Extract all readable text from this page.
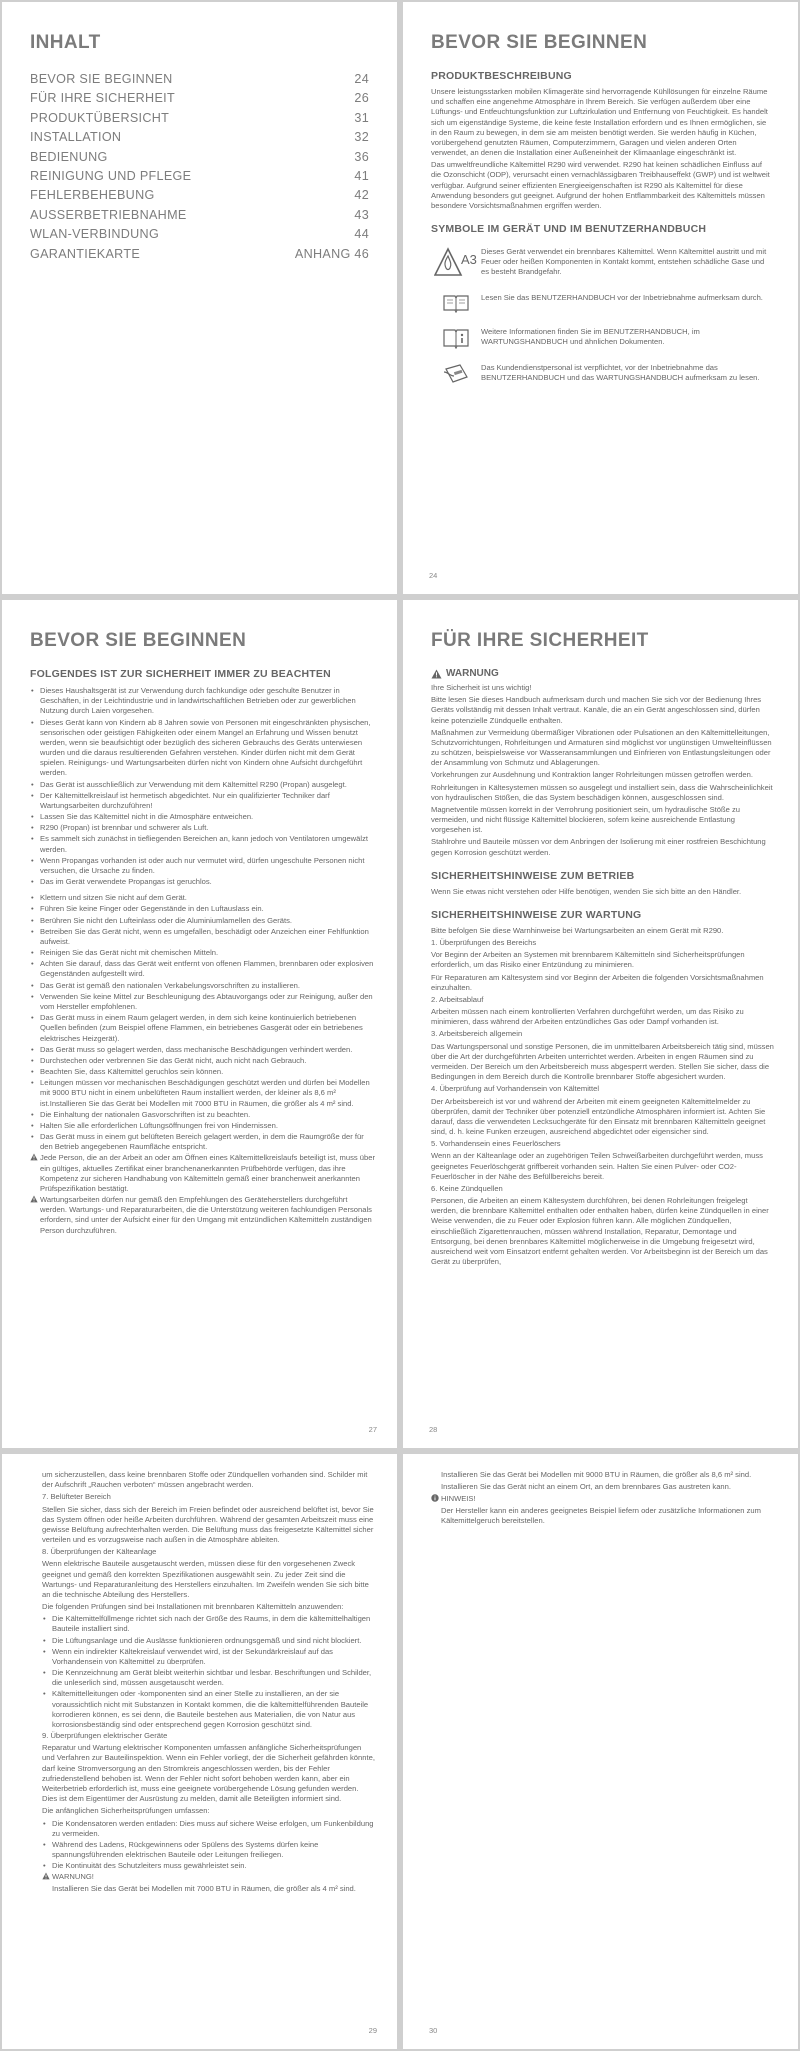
INHALT
BEVOR SIE BEGINNEN	24
FÜR IHRE SICHERHEIT	26
PRODUKTÜBERSICHT	31
INSTALLATION	32
BEDIENUNG	36
REINIGUNG UND PFLEGE	41
FEHLERBEHEBUNG	42
AUSSERBETRIEBNAHME	43
WLAN-VERBINDUNG	44
GARANTIEKARTE	ANHANG 46
BEVOR SIE BEGINNEN
PRODUKTBESCHREIBUNG

Unsere leistungsstarken mobilen Klimageräte sind hervorragende Kühllösungen für einzelne Räume und schaffen eine angenehme Atmosphäre in Ihrem Bereich. Sie verfügen außerdem über eine Lüftungs- und Entfeuchtungsfunktion zur Luftzirkulation und Entfernung von Feuchtigkeit. Es handelt sich um eigenständige Systeme, die keine feste Installation erfordern und es Ihnen ermöglichen, sie in den Raum zu bewegen, in dem sie am meisten benötigt werden. Sie werden häufig in Küchen, vorübergehend genutzten Räumen, Computerzimmern, Garagen und vielen anderen Orten verwendet, an denen die Installation einer Außeneinheit der Klimaanlage eingeschränkt ist.

Das umweltfreundliche Kältemittel R290 wird verwendet. R290 hat keinen schädlichen Einfluss auf die Ozonschicht (ODP), verursacht einen vernachlässigbaren Treibhauseffekt (GWP) und ist weltweit verfügbar. Aufgrund seiner effizienten Energieeigenschaften ist R290 als Kältemittel für diese Anwendung besonders gut geeignet. Aufgrund der hohen Entflammbarkeit des Kältemittels müssen besondere Vorsichtsmaßnahmen ergriffen werden.

SYMBOLE IM GERÄT UND IM BENUTZERHANDBUCH
A3
Dieses Gerät verwendet ein brennbares Kältemittel. Wenn Kältemittel austritt und mit Feuer oder heißen Komponenten in Kontakt kommt, entstehen schädliche Gase und es besteht Brandgefahr.
Lesen Sie das BENUTZERHANDBUCH vor der Inbetriebnahme aufmerksam durch.
Weitere Informationen finden Sie im BENUTZERHANDBUCH, im WARTUNGSHANDBUCH und ähnlichen Dokumenten.
Das Kundendienstpersonal ist verpflichtet, vor der Inbetriebnahme das BENUTZERHANDBUCH und das WARTUNGSHANDBUCH aufmerksam zu lesen.
24
BEVOR SIE BEGINNEN
FOLGENDES IST ZUR SICHERHEIT IMMER ZU BEACHTEN
• Dieses Haushaltsgerät ist zur Verwendung durch fachkundige oder geschulte Benutzer in Geschäften, in der Leichtindustrie und in landwirtschaftlichen Betrieben oder zur gewerblichen Nutzung durch Laien vorgesehen.
• Dieses Gerät kann von Kindern ab 8 Jahren sowie von Personen mit eingeschränkten physischen, sensorischen oder geistigen Fähigkeiten oder einem Mangel an Erfahrung und Wissen benutzt werden, wenn sie beaufsichtigt oder bezüglich des sicheren Gebrauchs des Geräts unterwiesen wurden und die daraus resultierenden Gefahren verstehen. Kinder dürfen nicht mit dem Gerät spielen. Reinigungs- und Wartungsarbeiten dürfen nicht von Kindern ohne Aufsicht durchgeführt werden.
• Das Gerät ist ausschließlich zur Verwendung mit dem Kältemittel R290 (Propan) ausgelegt.
• Der Kältemittelkreislauf ist hermetisch abgedichtet. Nur ein qualifizierter Techniker darf Wartungsarbeiten durchzuführen!
• Lassen Sie das Kältemittel nicht in die Atmosphäre entweichen.
• R290 (Propan) ist brennbar und schwerer als Luft.
• Es sammelt sich zunächst in tiefliegenden Bereichen an, kann jedoch von Ventilatoren umgewälzt werden.
• Wenn Propangas vorhanden ist oder auch nur vermutet wird, dürfen ungeschulte Personen nicht versuchen, die Ursache zu finden.
• Das im Gerät verwendete Propangas ist geruchlos.
• Klettern und sitzen Sie nicht auf dem Gerät.
• Führen Sie keine Finger oder Gegenstände in den Luftauslass ein.
• Berühren Sie nicht den Lufteinlass oder die Aluminiumlamellen des Geräts.
• Betreiben Sie das Gerät nicht, wenn es umgefallen, beschädigt oder Anzeichen einer Fehlfunktion aufweist.
• Reinigen Sie das Gerät nicht mit chemischen Mitteln.
• Achten Sie darauf, dass das Gerät weit entfernt von offenen Flammen, brennbaren oder explosiven Gegenständen aufgestellt wird.
• Das Gerät ist gemäß den nationalen Verkabelungsvorschriften zu installieren.
• Verwenden Sie keine Mittel zur Beschleunigung des Abtauvorgangs oder zur Reinigung, außer den vom Hersteller empfohlenen.
• Das Gerät muss in einem Raum gelagert werden, in dem sich keine kontinuierlich betriebenen Quellen befinden (zum Beispiel offene Flammen, ein betriebenes Gasgerät oder ein betriebenes elektrisches Heizgerät).
• Das Gerät muss so gelagert werden, dass mechanische Beschädigungen verhindert werden.
• Durchstechen oder verbrennen Sie das Gerät nicht, auch nicht nach Gebrauch.
• Beachten Sie, dass Kältemittel geruchlos sein können.
• Leitungen müssen vor mechanischen Beschädigungen geschützt werden und dürfen bei Modellen mit 9000 BTU nicht in einem unbelüfteten Raum installiert werden, der kleiner als 8,6 m² ist.Installieren Sie das Gerät bei Modellen mit 7000 BTU in Räumen, die größer als 4 m² sind.
• Die Einhaltung der nationalen Gasvorschriften ist zu beachten.
• Halten Sie alle erforderlichen Lüftungsöffnungen frei von Hindernissen.
• Das Gerät muss in einem gut belüfteten Bereich gelagert werden, in dem die Raumgröße der für den Betrieb angegebenen Raumfläche entspricht.
Jede Person, die an der Arbeit an oder am Öffnen eines Kältemittelkreislaufs beteiligt ist, muss über ein gültiges, aktuelles Zertifikat einer branchenanerkannten Prüfbehörde verfügen, das ihre Kompetenz zur sicheren Handhabung von Kältemitteln gemäß einer branchenweit anerkannten Prüfspezifikation bestätigt.
Wartungsarbeiten dürfen nur gemäß den Empfehlungen des Geräteherstellers durchgeführt werden. Wartungs- und Reparaturarbeiten, die die Unterstützung weiteren fachkundigen Personals erfordern, sind unter der Aufsicht einer für den Umgang mit entzündlichen Kältemitteln zuständigen Person durchzuführen.
27
FÜR IHRE SICHERHEIT
WARNUNG

Ihre Sicherheit ist uns wichtig!

Bitte lesen Sie dieses Handbuch aufmerksam durch und machen Sie sich vor der Bedienung Ihres Geräts vollständig mit dessen Inhalt vertraut. Kanäle, die an ein Gerät angeschlossen sind, dürfen keine potenzielle Zündquelle enthalten.

Maßnahmen zur Vermeidung übermäßiger Vibrationen oder Pulsationen an den Kältemittelleitungen, Schutzvorrichtungen, Rohrleitungen und Armaturen sind möglichst vor ungünstigen Umwelteinflüssen zu schützen, beispielsweise vor Wasseransammlungen und Einfrieren von Entlastungsleitungen oder der Ansammlung von Schmutz und Ablagerungen.

Vorkehrungen zur Ausdehnung und Kontraktion langer Rohrleitungen müssen getroffen werden.

Rohrleitungen in Kältesystemen müssen so ausgelegt und installiert sein, dass die Wahrscheinlichkeit von hydraulischen Stößen, die das System beschädigen können, ausgeschlossen sind.

Magnetventile müssen korrekt in der Verrohrung positioniert sein, um hydraulische Stöße zu vermeiden, und nicht flüssige Kältemittel blockieren, sofern keine ausreichende Entlastung vorgesehen ist.

Stahlrohre und Bauteile müssen vor dem Anbringen der Isolierung mit einer rostfreien Beschichtung gegen Korrosion geschützt werden.

SICHERHEITSHINWEISE ZUM BETRIEB

Wenn Sie etwas nicht verstehen oder Hilfe benötigen, wenden Sie sich bitte an den Händler.

SICHERHEITSHINWEISE ZUR WARTUNG

Bitte befolgen Sie diese Warnhinweise bei Wartungsarbeiten an einem Gerät mit R290.

1. Überprüfungen des Bereichs

Vor Beginn der Arbeiten an Systemen mit brennbarem Kältemitteln sind Sicherheitsprüfungen erforderlich, um das Risiko einer Entzündung zu minimieren.

Für Reparaturen am Kältesystem sind vor Beginn der Arbeiten die folgenden Vorsichtsmaßnahmen einzuhalten.

2. Arbeitsablauf

Arbeiten müssen nach einem kontrollierten Verfahren durchgeführt werden, um das Risiko zu minimieren, dass während der Arbeiten entzündliches Gas oder Dampf vorhanden ist.

3. Arbeitsbereich allgemein

Das Wartungspersonal und sonstige Personen, die im unmittelbaren Arbeitsbereich tätig sind, müssen über die Art der durchgeführten Arbeiten unterrichtet werden. Arbeiten in engen Räumen sind zu vermeiden. Der Bereich um den Arbeitsbereich muss abgesperrt werden. Stellen Sie sicher, dass die Bedingungen in dem Bereich durch die Kontrolle brennbarer Stoffe abgesichert wurden.

4. Überprüfung auf Vorhandensein von Kältemittel

Der Arbeitsbereich ist vor und während der Arbeiten mit einem geeigneten Kältemittelmelder zu überprüfen, damit der Techniker über potenziell entzündliche Atmosphären informiert ist. Achten Sie darauf, dass die verwendeten Lecksuchgeräte für den Einsatz mit brennbaren Kältemitteln geeignet sind, d. h. keine Funken erzeugen, ausreichend abgedichtet oder eigensicher sind.

5. Vorhandensein eines Feuerlöschers

Wenn an der Kälteanlage oder an zugehörigen Teilen Schweißarbeiten durchgeführt werden, muss geeignetes Feuerlöschgerät griffbereit vorhanden sein. Halten Sie einen Pulver- oder CO2-Feuerlöscher in der Nähe des Befüllbereichs bereit.

6. Keine Zündquellen

Personen, die Arbeiten an einem Kältesystem durchführen, bei denen Rohrleitungen freigelegt werden, die brennbare Kältemittel enthalten oder enthalten haben, dürfen keine Zündquellen in einer Weise verwenden, die zu Feuer oder Explosion führen kann. Alle möglichen Zündquellen, einschließlich Zigarettenrauchen, müssen während Installation, Reparatur, Demontage und Entsorgung, bei denen brennbares Kältemittel möglicherweise in die Umgebung freigesetzt wird, ausreichend weit vom Einsatzort entfernt gehalten werden. Vor Arbeitsbeginn ist der Bereich um das Gerät zu überprüfen,

28

um sicherzustellen, dass keine brennbaren Stoffe oder Zündquellen vorhanden sind. Schilder mit der Aufschrift „Rauchen verboten“ müssen angebracht werden.

7. Belüfteter Bereich

Stellen Sie sicher, dass sich der Bereich im Freien befindet oder ausreichend belüftet ist, bevor Sie das System öffnen oder heiße Arbeiten durchführen. Während der gesamten Arbeitszeit muss eine gewisse Belüftung aufrechterhalten werden. Die Belüftung muss das freigesetzte Kältemittel sicher verteilen und es vorzugsweise nach außen in die Atmosphäre ableiten.

8. Überprüfungen der Kälteanlage

Wenn elektrische Bauteile ausgetauscht werden, müssen diese für den vorgesehenen Zweck geeignet und gemäß den korrekten Spezifikationen ausgewählt sein. Zu jeder Zeit sind die Wartungs- und Reparaturanleitung des Herstellers einzuhalten. Im Zweifeln wenden Sie sich bitte an die technische Abteilung des Herstellers.

Die folgenden Prüfungen sind bei Installationen mit brennbaren Kältemitteln anzuwenden:

• Die Kältemittelfüllmenge richtet sich nach der Größe des Raums, in dem die kältemittelhaltigen Bauteile installiert sind.
• Die Lüftungsanlage und die Auslässe funktionieren ordnungsgemäß und sind nicht blockiert.
• Wenn ein indirekter Kältekreislauf verwendet wird, ist der Sekundärkreislauf auf das Vorhandensein von Kältemittel zu überprüfen.
• Die Kennzeichnung am Gerät bleibt weiterhin sichtbar und lesbar. Beschriftungen und Schilder, die unleserlich sind, müssen ausgetauscht werden.
• Kältemittelleitungen oder -komponenten sind an einer Stelle zu installieren, an der sie voraussichtlich nicht mit Substanzen in Kontakt kommen, die die kältemittelführenden Bauteile korrodieren können, es sei denn, die Bauteile bestehen aus Materialien, die von Natur aus korrosionsbeständig sind oder entsprechend gegen Korrosion geschützt sind.

9. Überprüfungen elektrischer Geräte

Reparatur und Wartung elektrischer Komponenten umfassen anfängliche Sicherheitsprüfungen und Verfahren zur Bauteilinspektion. Wenn ein Fehler vorliegt, der die Sicherheit gefährden könnte, darf keine Stromversorgung an den Stromkreis angeschlossen werden, bis der Fehler zufriedenstellend behoben ist. Wenn der Fehler nicht sofort behoben werden kann, aber ein Weiterbetrieb erforderlich ist, muss eine geeignete vorübergehende Lösung gefunden werden. Dies ist dem Eigentümer der Ausrüstung zu melden, damit alle Beteiligten informiert sind.

Die anfänglichen Sicherheitsprüfungen umfassen:

• Die Kondensatoren werden entladen: Dies muss auf sichere Weise erfolgen, um Funkenbildung zu vermeiden.
• Während des Ladens, Rückgewinnens oder Spülens des Systems dürfen keine spannungsführenden elektrischen Bauteile oder Leitungen freiliegen.
• Die Kontinuität des Schutzleiters muss gewährleistet sein.
WARNUNG!

Installieren Sie das Gerät bei Modellen mit 7000 BTU in Räumen, die größer als 4 m² sind.

29

Installieren Sie das Gerät bei Modellen mit 9000 BTU in Räumen, die größer als 8,6 m² sind.

Installieren Sie das Gerät nicht an einem Ort, an dem brennbares Gas austreten kann.

HINWEIS!

Der Hersteller kann ein anderes geeignetes Beispiel liefern oder zusätzliche Informationen zum Kältemittelgeruch bereitstellen.

30
